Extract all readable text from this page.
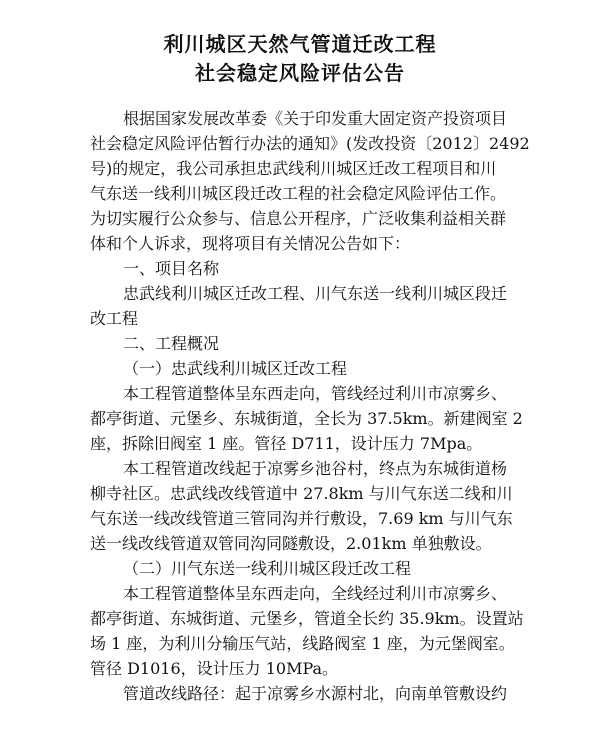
利川城区天然气管道迁改工程
社会稳定风险评估公告
根据国家发展改革委《关于印发重大固定资产投资项目
社会稳定风险评估暂行办法的通知》(发改投资〔2012〕2492
号)的规定，我公司承担忠武线利川城区迁改工程项目和川
气东送一线利川城区段迁改工程的社会稳定风险评估工作。
为切实履行公众参与、信息公开程序，广泛收集利益相关群
体和个人诉求，现将项目有关情况公告如下：
一、项目名称
忠武线利川城区迁改工程、川气东送一线利川城区段迁
改工程
二、工程概况
（一）忠武线利川城区迁改工程
本工程管道整体呈东西走向，管线经过利川市凉雾乡、
都亭街道、元堡乡、东城街道，全长为 37.5km。新建阀室 2
座，拆除旧阀室 1 座。管径 D711，设计压力 7Mpa。
本工程管道改线起于凉雾乡池谷村，终点为东城街道杨
柳寺社区。忠武线改线管道中 27.8km 与川气东送二线和川
气东送一线改线管道三管同沟并行敷设，7.69 km 与川气东
送一线改线管道双管同沟同隧敷设，2.01km 单独敷设。
（二）川气东送一线利川城区段迁改工程
本工程管道整体呈东西走向，全线经过利川市凉雾乡、
都亭街道、东城街道、元堡乡，管道全长约 35.9km。设置站
场 1 座，为利川分输压气站，线路阀室 1 座，为元堡阀室。
管径 D1016，设计压力 10MPa。
管道改线路径：起于凉雾乡水源村北，向南单管敷设约
